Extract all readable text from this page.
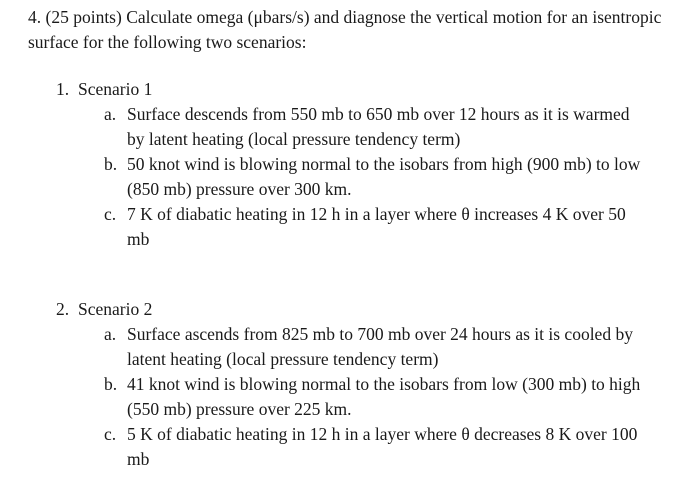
4. (25 points) Calculate omega (μbars/s) and diagnose the vertical motion for an isentropic surface for the following two scenarios:

1. Scenario 1
a. Surface descends from 550 mb to 650 mb over 12 hours as it is warmed by latent heating (local pressure tendency term)

b. 50 knot wind is blowing normal to the isobars from high (900 mb) to low (850 mb) pressure over 300 km.

c. 7 K of diabatic heating in 12 h in a layer where θ increases 4 K over 50 mb

2. Scenario 2
a. Surface ascends from 825 mb to 700 mb over 24 hours as it is cooled by latent heating (local pressure tendency term)

b. 41 knot wind is blowing normal to the isobars from low (300 mb) to high (550 mb) pressure over 225 km.

c. 5 K of diabatic heating in 12 h in a layer where θ decreases 8 K over 100 mb
